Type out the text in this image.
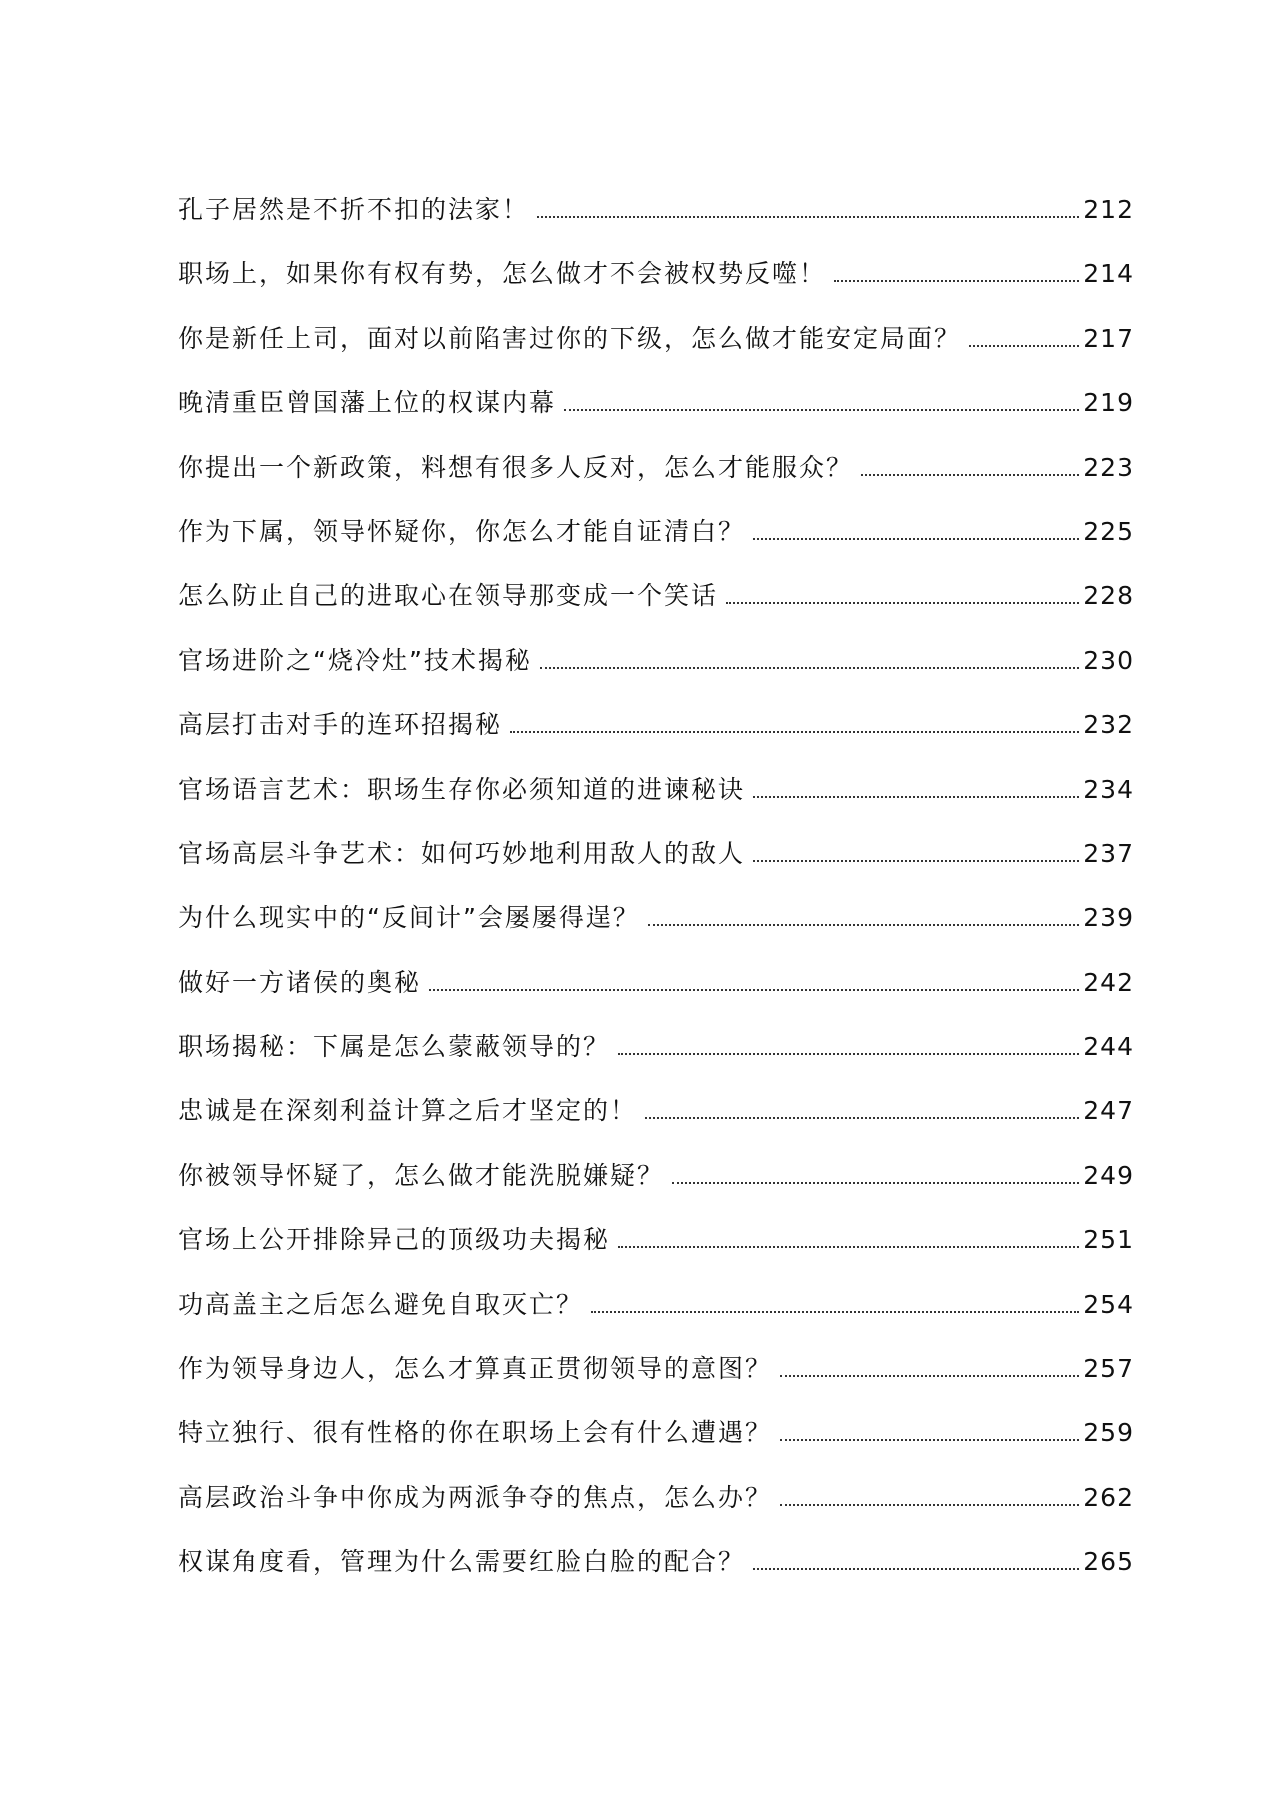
孔子居然是不折不扣的法家！	212
职场上，如果你有权有势，怎么做才不会被权势反噬！	214
你是新任上司，面对以前陷害过你的下级，怎么做才能安定局面？	217
晚清重臣曾国藩上位的权谋内幕	219
你提出一个新政策，料想有很多人反对，怎么才能服众？	223
作为下属，领导怀疑你，你怎么才能自证清白？	225
怎么防止自己的进取心在领导那变成一个笑话	228
官场进阶之“烧冷灶”技术揭秘	230
高层打击对手的连环招揭秘	232
官场语言艺术：职场生存你必须知道的进谏秘诀	234
官场高层斗争艺术：如何巧妙地利用敌人的敌人	237
为什么现实中的“反间计”会屡屡得逞？	239
做好一方诸侯的奥秘	242
职场揭秘：下属是怎么蒙蔽领导的？	244
忠诚是在深刻利益计算之后才坚定的！	247
你被领导怀疑了，怎么做才能洗脱嫌疑？	249
官场上公开排除异己的顶级功夫揭秘	251
功高盖主之后怎么避免自取灭亡？	254
作为领导身边人，怎么才算真正贯彻领导的意图？	257
特立独行、很有性格的你在职场上会有什么遭遇？	259
高层政治斗争中你成为两派争夺的焦点，怎么办？	262
权谋角度看，管理为什么需要红脸白脸的配合？	265
